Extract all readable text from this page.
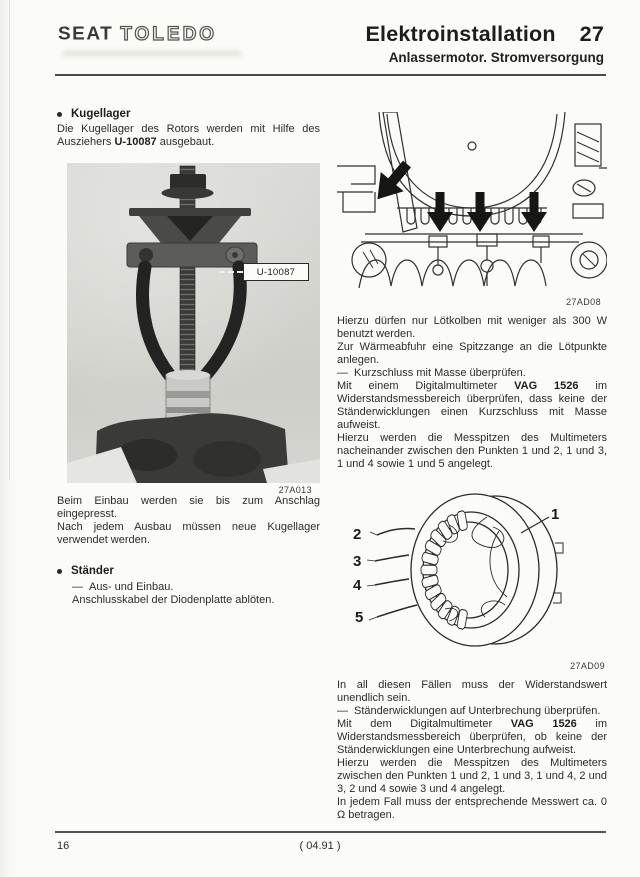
SEAT TOLEDO	Elektroinstallation 27
Anlassermotor. Stromversorgung
Kugellager

Die Kugellager des Rotors werden mit Hilfe des Ausziehers U-10087 ausgebaut.

U-10087
27A013

Beim Einbau werden sie bis zum Anschlag eingepresst.

Nach jedem Ausbau müssen neue Kugellager verwendet werden.

Ständer
— Aus- und Einbau.

Anschlusskabel der Diodenplatte ablöten.

27AD08

Hierzu dürfen nur Lötkolben mit weniger als 300 W benutzt werden.

Zur Wärmeabfuhr eine Spitzzange an die Lötpunkte anlegen.

— Kurzschluss mit Masse überprüfen.

Mit einem Digitalmultimeter VAG 1526 im Widerstandsmessbereich überprüfen, dass keine der Ständerwicklungen einen Kurzschluss mit Masse aufweist.

Hierzu werden die Messpitzen des Multimeters nacheinander zwischen den Punkten 1 und 2, 1 und 3, 1 und 4 sowie 1 und 5 angelegt.

1
2
3
4
5
27AD09

In all diesen Fällen muss der Widerstandswert unendlich sein.

— Ständerwicklungen auf Unterbrechung überprüfen.

Mit dem Digitalmultimeter VAG 1526 im Widerstandsmessbereich überprüfen, ob keine der Ständerwicklungen eine Unterbrechung aufweist.

Hierzu werden die Messpitzen des Multimeters zwischen den Punkten 1 und 2, 1 und 3, 1 und 4, 2 und 3, 2 und 4 sowie 3 und 4 angelegt.

In jedem Fall muss der entsprechende Messwert ca. 0 Ω betragen.

16	( 04.91 )
